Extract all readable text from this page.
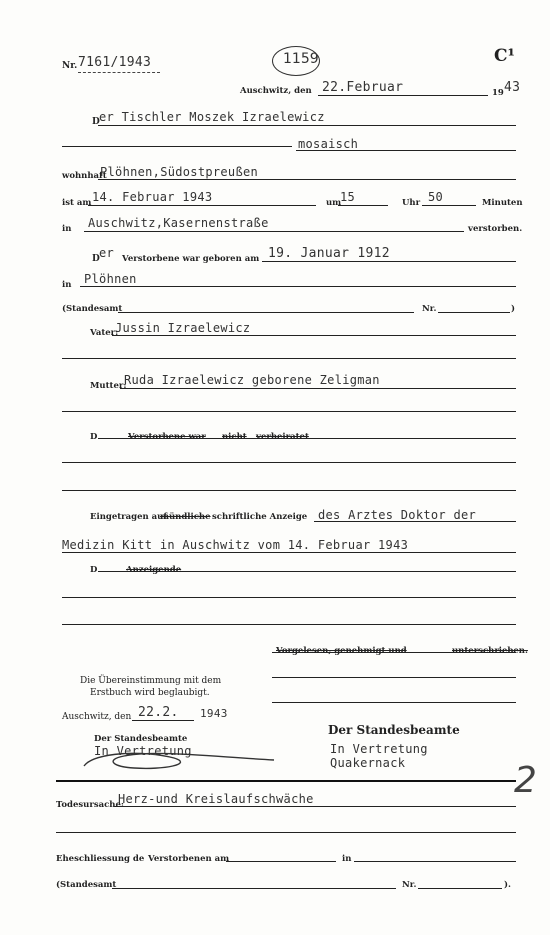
Nr. 7161/1943	1159	C¹
Auschwitz, den 22.Februar	19 43
D er Tischler Moszek Izraelewicz
mosaisch
wohnhaft
Plöhnen,Südostpreußen
ist am 14. Februar 1943	um
15	Uhr 50	Minuten
in Auschwitz,Kasernenstraße	verstorben.
D er Verstorbene war geboren am 19. Januar 1912
in Plöhnen
(Standesamt	Nr.	)
Vater:
Jussin Izraelewicz
Mutter:
Ruda Izraelewicz geborene Zeligman
D	Verstorbene war nicht verheiratet
Eingetragen auf
mündliche schriftliche Anzeige des Arztes Doktor der
Medizin Kitt in Auschwitz vom 14. Februar 1943
D	Anzeigende
Vorgelesen, genehmigt und	unterschrieben.
Die Übereinstimmung mit dem
Erstbuch wird beglaubigt.
Auschwitz, den 22.2. 1943
Der Standesbeamte
In Vertretung
Der Standesbeamte
In Vertretung
Quakernack	2
Todesursache:
Herz-und Kreislaufschwäche
Eheschliessung de Verstorbenen am	in
(Standesamt	Nr.	).
